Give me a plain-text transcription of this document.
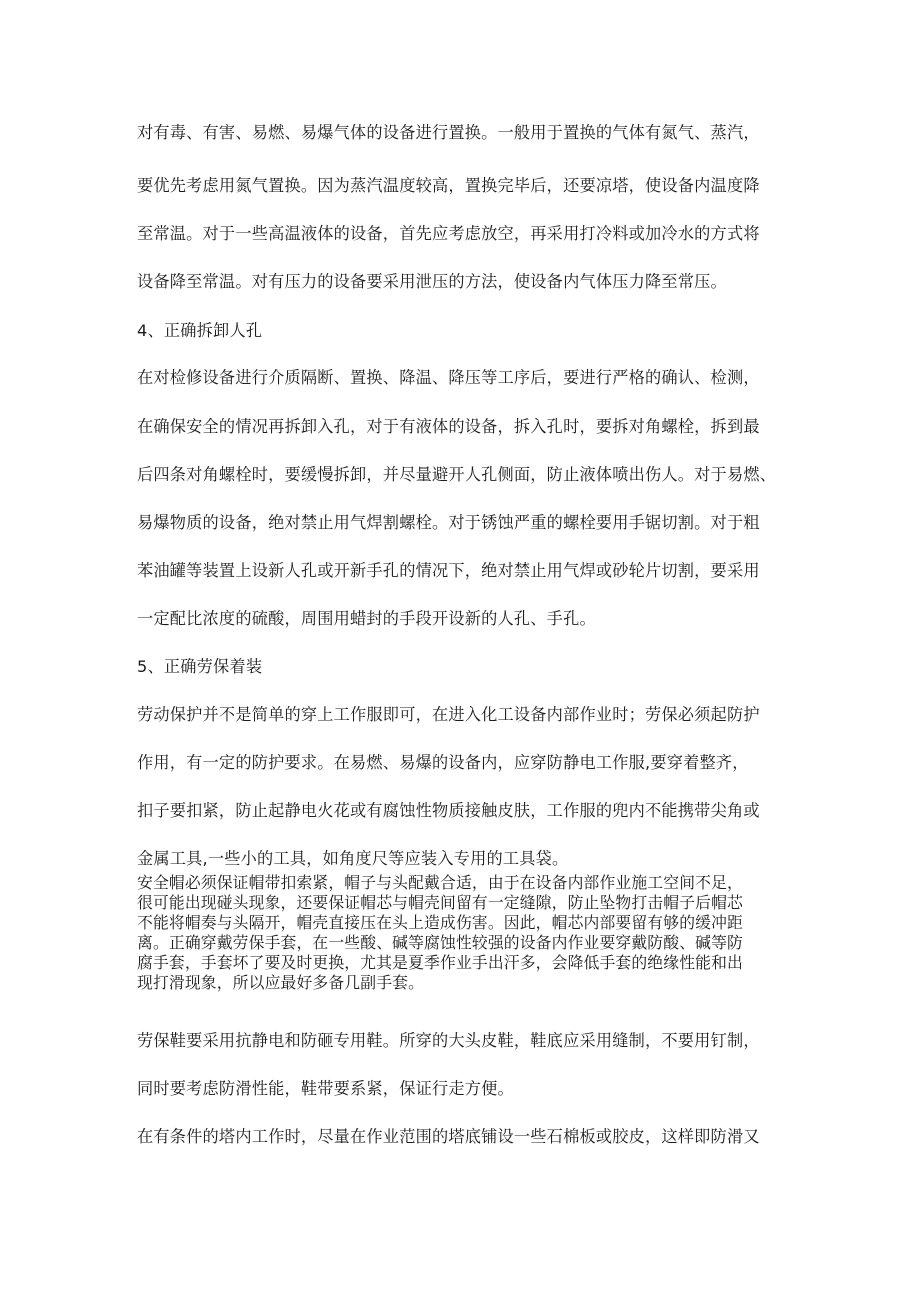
对有毒、有害、易燃、易爆气体的设备进行置换。一般用于置换的气体有氮气、蒸汽，
要优先考虑用氮气置换。因为蒸汽温度较高，置换完毕后，还要凉塔，使设备内温度降
至常温。对于一些高温液体的设备，首先应考虑放空，再采用打冷料或加冷水的方式将
设备降至常温。对有压力的设备要采用泄压的方法，使设备内气体压力降至常压。
4、正确拆卸人孔
在对检修设备进行介质隔断、置换、降温、降压等工序后，要进行严格的确认、检测，
在确保安全的情况再拆卸入孔，对于有液体的设备，拆入孔时，要拆对角螺栓，拆到最
后四条对角螺栓时，要缓慢拆卸，并尽量避开人孔侧面，防止液体喷出伤人。对于易燃、
易爆物质的设备，绝对禁止用气焊割螺栓。对于锈蚀严重的螺栓要用手锯切割。对于粗
苯油罐等装置上设新人孔或开新手孔的情况下，绝对禁止用气焊或砂轮片切割，要采用
一定配比浓度的硫酸，周围用蜡封的手段开设新的人孔、手孔。
5、正确劳保着装
劳动保护并不是简单的穿上工作服即可，在进入化工设备内部作业时；劳保必须起防护
作用，有一定的防护要求。在易燃、易爆的设备内，应穿防静电工作服,要穿着整齐，
扣子要扣紧，防止起静电火花或有腐蚀性物质接触皮肤，工作服的兜内不能携带尖角或
金属工具,一些小的工具，如角度尺等应装入专用的工具袋。
安全帽必须保证帽带扣索紧，帽子与头配戴合适，由于在设备内部作业施工空间不足，
很可能出现碰头现象，还要保证帽芯与帽壳间留有一定缝隙，防止坠物打击帽子后帽芯
不能将帽奏与头隔开，帽壳直接压在头上造成伤害。因此，帽芯内部要留有够的缓冲距
离。正确穿戴劳保手套，在一些酸、碱等腐蚀性较强的设备内作业要穿戴防酸、碱等防
腐手套，手套坏了要及时更换，尤其是夏季作业手出汗多，会降低手套的绝缘性能和出
现打滑现象，所以应最好多备几副手套。
劳保鞋要采用抗静电和防砸专用鞋。所穿的大头皮鞋，鞋底应采用缝制，不要用钉制，
同时要考虑防滑性能，鞋带要系紧，保证行走方便。
在有条件的塔内工作时，尽量在作业范围的塔底铺设一些石棉板或胶皮，这样即防滑又
